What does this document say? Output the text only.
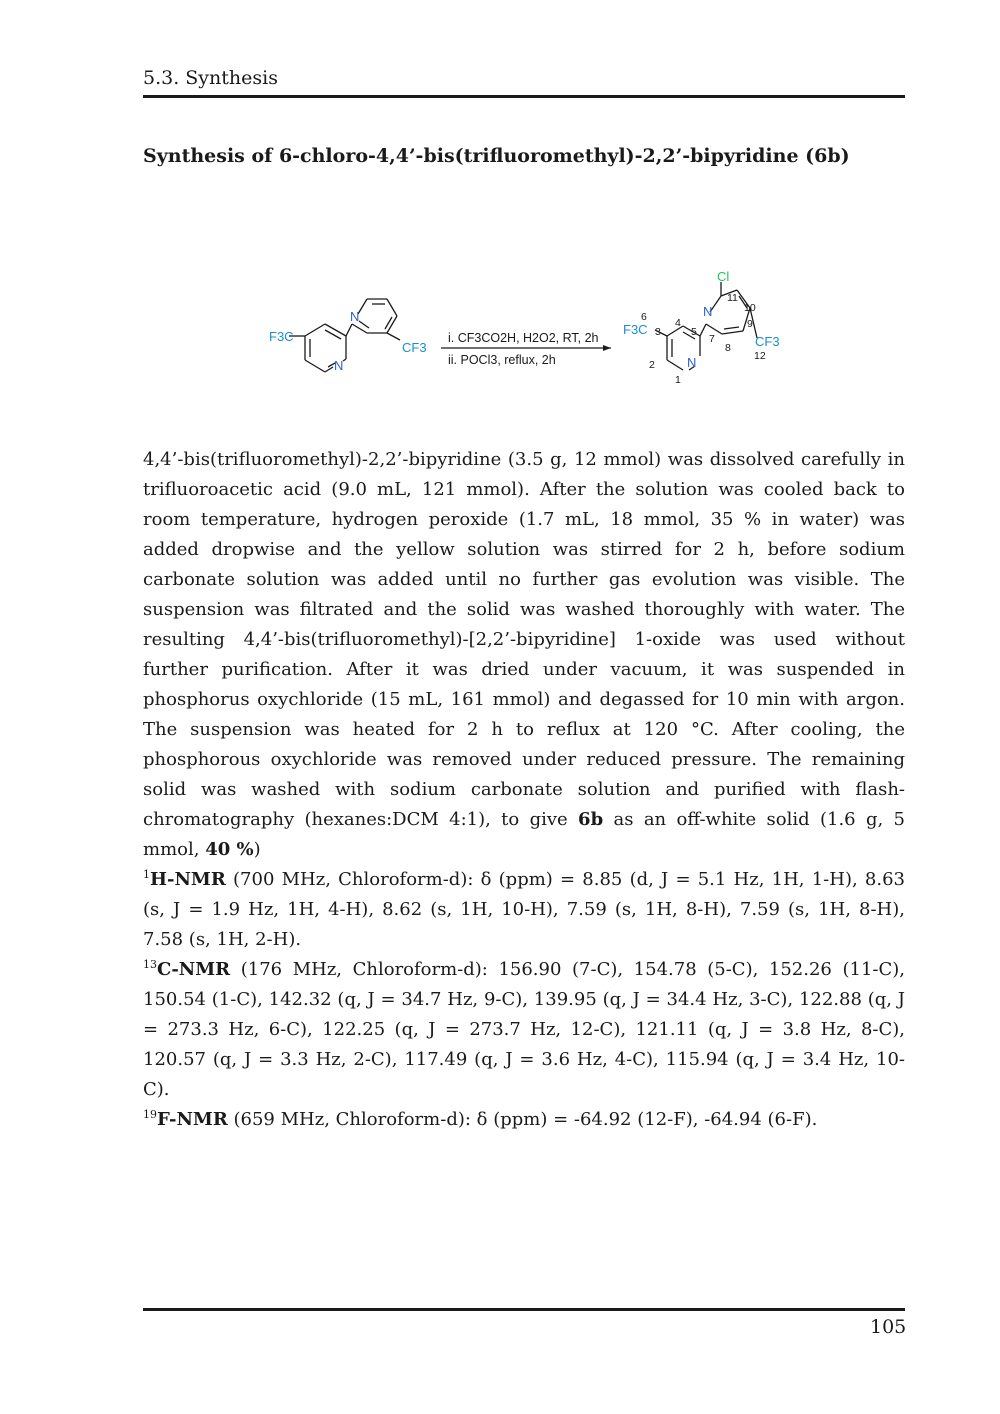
5.3. Synthesis
Synthesis of 6-chloro-4,4’-bis(trifluoromethyl)-2,2’-bipyridine (6b)
F3C
CF3
N
N
i. CF3CO2H, H2O2, RT, 2h
ii. POCl3, reflux, 2h
Cl
F3C
CF3
N
N
1
2
3
4
5
6
7
8
9
10
11
12

4,4’-bis(trifluoromethyl)-2,2’-bipyridine (3.5 g, 12 mmol) was dissolved carefully in trifluoroacetic acid (9.0 mL, 121 mmol). After the solution was cooled back to room temperature, hydrogen peroxide (1.7 mL, 18 mmol, 35 % in water) was added dropwise and the yellow solution was stirred for 2 h, before sodium carbonate solution was added until no further gas evolution was visible. The suspension was filtrated and the solid was washed thoroughly with water. The resulting 4,4’-bis(trifluoromethyl)-[2,2’-bipyridine] 1-oxide was used without further purification. After it was dried under vacuum, it was suspended in phosphorus oxychloride (15 mL, 161 mmol) and degassed for 10 min with argon. The suspension was heated for 2 h to reflux at 120 °C. After cooling, the phosphorous oxychloride was removed under reduced pressure. The remaining solid was washed with sodium carbonate solution and purified with flash-chromatography (hexanes:DCM 4:1), to give 6b as an off-white solid (1.6 g, 5 mmol, 40 %)

$^1$H-NMR (700 MHz, Chloroform-d): δ (ppm) = 8.85 (d, J = 5.1 Hz, 1H, 1-H), 8.63 (s, J = 1.9 Hz, 1H, 4-H), 8.62 (s, 1H, 10-H), 7.59 (s, 1H, 8-H), 7.59 (s, 1H, 8-H), 7.58 (s, 1H, 2-H).

$^{13}$C-NMR (176 MHz, Chloroform-d): 156.90 (7-C), 154.78 (5-C), 152.26 (11-C), 150.54 (1-C), 142.32 (q, J = 34.7 Hz, 9-C), 139.95 (q, J = 34.4 Hz, 3-C), 122.88 (q, J = 273.3 Hz, 6-C), 122.25 (q, J = 273.7 Hz, 12-C), 121.11 (q, J = 3.8 Hz, 8-C), 120.57 (q, J = 3.3 Hz, 2-C), 117.49 (q, J = 3.6 Hz, 4-C), 115.94 (q, J = 3.4 Hz, 10-C).

$^{19}$F-NMR (659 MHz, Chloroform-d): δ (ppm) = -64.92 (12-F), -64.94 (6-F).

105
